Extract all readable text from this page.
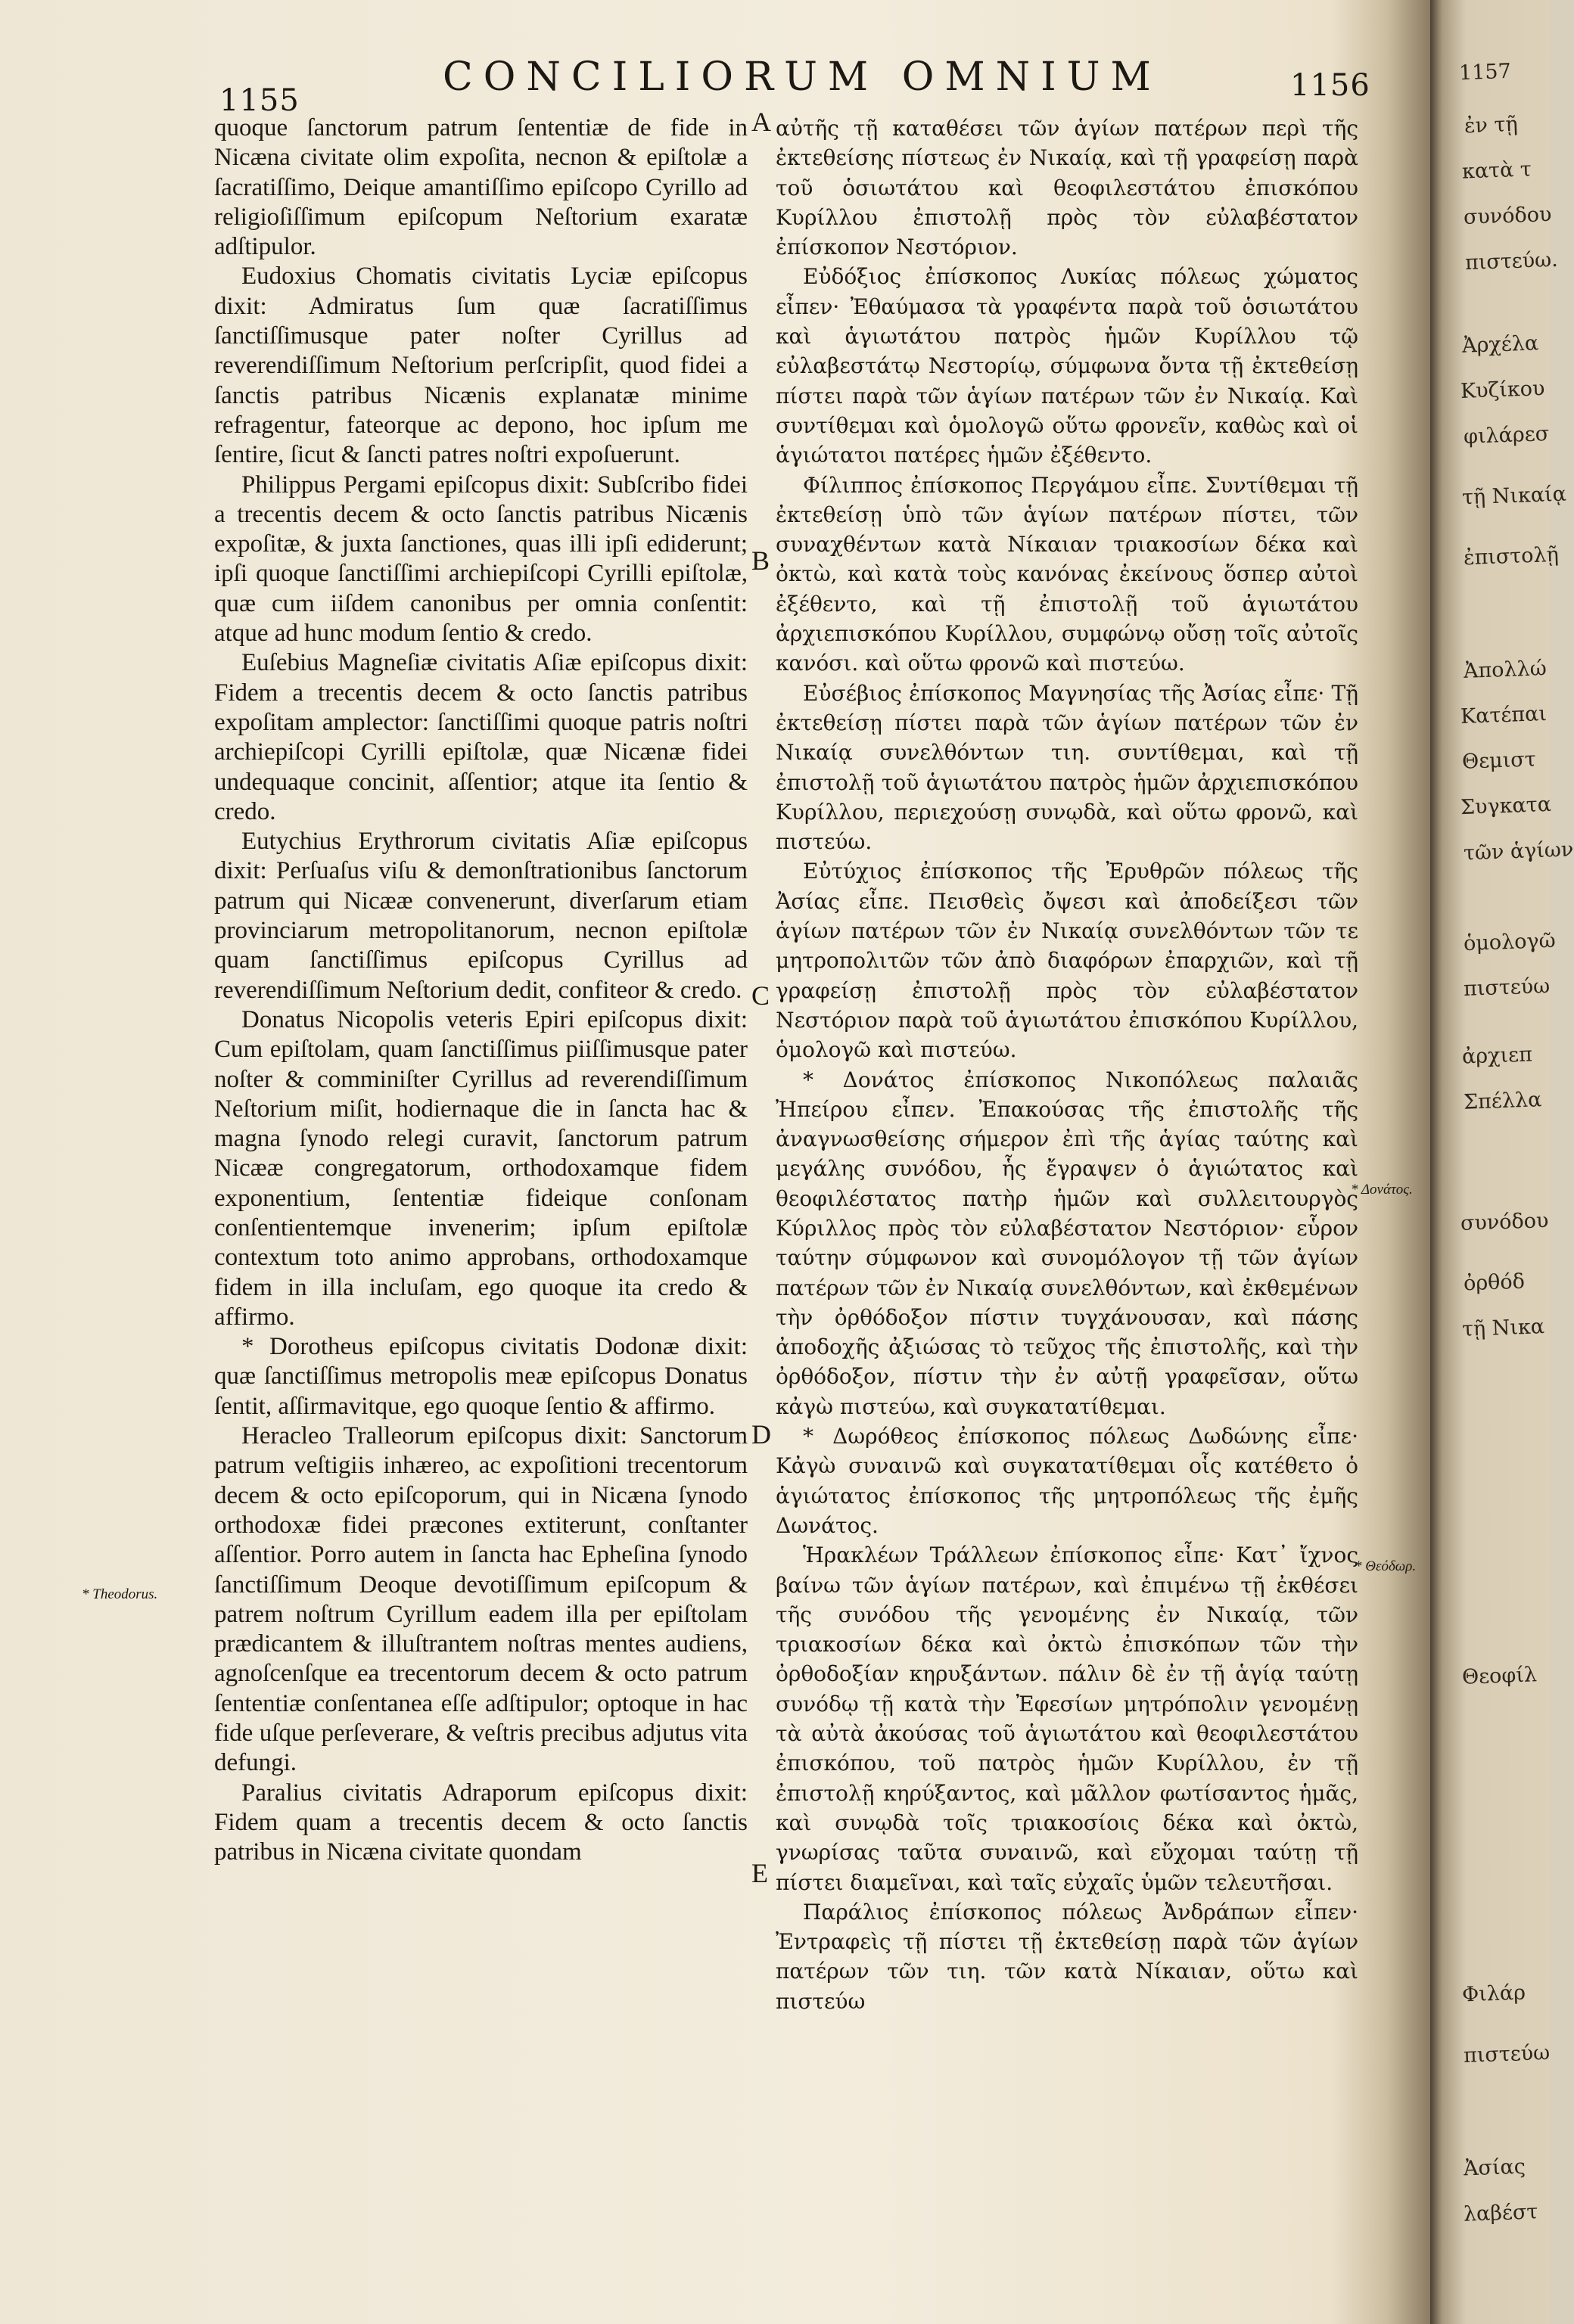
1155
CONCILIORUM OMNIUM	1156

quoque ſanctorum patrum ſententiæ de fide in Nicæna civitate olim expoſita, necnon & epiſtolæ a ſacratiſſimo, Deique amantiſſimo epiſcopo Cyrillo ad religioſiſſimum epiſcopum Neſtorium exaratæ adſtipulor.

Eudoxius Chomatis civitatis Lyciæ epiſcopus dixit: Admiratus ſum quæ ſacratiſſimus ſanctiſſimusque pater noſter Cyrillus ad reverendiſſimum Neſtorium perſcripſit, quod fidei a ſanctis patribus Nicænis explanatæ minime refragentur, fateorque ac depono, hoc ipſum me ſentire, ſicut & ſancti patres noſtri expoſuerunt.

Philippus Pergami epiſcopus dixit: Subſcribo fidei a trecentis decem & octo ſanctis patribus Nicænis expoſitæ, & juxta ſanctiones, quas illi ipſi ediderunt; ipſi quoque ſanctiſſimi archiepiſcopi Cyrilli epiſtolæ, quæ cum iiſdem canonibus per omnia conſentit: atque ad hunc modum ſentio & credo.

Euſebius Magneſiæ civitatis Aſiæ epiſcopus dixit: Fidem a trecentis decem & octo ſanctis patribus expoſitam amplector: ſanctiſſimi quoque patris noſtri archiepiſcopi Cyrilli epiſtolæ, quæ Nicænæ fidei undequaque concinit, aſſentior; atque ita ſentio & credo.

Eutychius Erythrorum civitatis Aſiæ epiſcopus dixit: Perſuaſus viſu & demonſtrationibus ſanctorum patrum qui Nicææ convenerunt, diverſarum etiam provinciarum metropolitanorum, necnon epiſtolæ quam ſanctiſſimus epiſcopus Cyrillus ad reverendiſſimum Neſtorium dedit, confiteor & credo.

Donatus Nicopolis veteris Epiri epiſcopus dixit: Cum epiſtolam, quam ſanctiſſimus piiſſimusque pater noſter & comminiſter Cyrillus ad reverendiſſimum Neſtorium miſit, hodiernaque die in ſancta hac & magna ſynodo relegi curavit, ſanctorum patrum Nicææ congregatorum, orthodoxamque fidem exponentium, ſententiæ fideique conſonam conſentientemque invenerim; ipſum epiſtolæ contextum toto animo approbans, orthodoxamque fidem in illa incluſam, ego quoque ita credo & affirmo.

* Dorotheus epiſcopus civitatis Dodonæ dixit: quæ ſanctiſſimus metropolis meæ epiſcopus Donatus ſentit, aſſirmavitque, ego quoque ſentio & affirmo.

Heracleo Tralleorum epiſcopus dixit: Sanctorum patrum veſtigiis inhæreo, ac expoſitioni trecentorum decem & octo epiſcoporum, qui in Nicæna ſynodo orthodoxæ fidei præcones extiterunt, conſtanter aſſentior. Porro autem in ſancta hac Epheſina ſynodo ſanctiſſimum Deoque devotiſſimum epiſcopum & patrem noſtrum Cyrillum eadem illa per epiſtolam prædicantem & illuſtrantem noſtras mentes audiens, agnoſcenſque ea trecentorum decem & octo patrum ſententiæ conſentanea eſſe adſtipulor; optoque in hac fide uſque perſeverare, & veſtris precibus adjutus vita defungi.

Paralius civitatis Adraporum epiſcopus dixit: Fidem quam a trecentis decem & octo ſanctis patribus in Nicæna civitate quondam

αὐτῆς τῇ καταθέσει τῶν ἁγίων πατέρων περὶ τῆς ἐκτεθείσης πίστεως ἐν Νικαίᾳ, καὶ τῇ γραφείσῃ παρὰ τοῦ ὁσιωτάτου καὶ θεοφιλεστάτου ἐπισκόπου Κυρίλλου ἐπιστολῇ πρὸς τὸν εὐλαβέστατον ἐπίσκοπον Νεστόριον.

Εὐδόξιος ἐπίσκοπος Λυκίας πόλεως χώματος εἶπεν· Ἐθαύμασα τὰ γραφέντα παρὰ τοῦ ὁσιωτάτου καὶ ἁγιωτάτου πατρὸς ἡμῶν Κυρίλλου τῷ εὐλαβεστάτῳ Νεστορίῳ, σύμφωνα ὄντα τῇ ἐκτεθείσῃ πίστει παρὰ τῶν ἁγίων πατέρων τῶν ἐν Νικαίᾳ. Καὶ συντίθεμαι καὶ ὁμολογῶ οὕτω φρονεῖν, καθὼς καὶ οἱ ἁγιώτατοι πατέρες ἡμῶν ἐξέθεντο.

Φίλιππος ἐπίσκοπος Περγάμου εἶπε. Συντίθεμαι τῇ ἐκτεθείσῃ ὑπὸ τῶν ἁγίων πατέρων πίστει, τῶν συναχθέντων κατὰ Νίκαιαν τριακοσίων δέκα καὶ ὀκτὼ, καὶ κατὰ τοὺς κανόνας ἐκείνους ὅσπερ αὐτοὶ ἐξέθεντο, καὶ τῇ ἐπιστολῇ τοῦ ἁγιωτάτου ἀρχιεπισκόπου Κυρίλλου, συμφώνῳ οὔσῃ τοῖς αὐτοῖς κανόσι. καὶ οὕτω φρονῶ καὶ πιστεύω.

Εὐσέβιος ἐπίσκοπος Μαγνησίας τῆς Ἀσίας εἶπε· Τῇ ἐκτεθείσῃ πίστει παρὰ τῶν ἁγίων πατέρων τῶν ἐν Νικαίᾳ συνελθόντων τιη. συντίθεμαι, καὶ τῇ ἐπιστολῇ τοῦ ἁγιωτάτου πατρὸς ἡμῶν ἀρχιεπισκόπου Κυρίλλου, περιεχούσῃ συνῳδὰ, καὶ οὕτω φρονῶ, καὶ πιστεύω.

Εὐτύχιος ἐπίσκοπος τῆς Ἐρυθρῶν πόλεως τῆς Ἀσίας εἶπε. Πεισθεὶς ὄψεσι καὶ ἀποδείξεσι τῶν ἁγίων πατέρων τῶν ἐν Νικαίᾳ συνελθόντων τῶν τε μητροπολιτῶν τῶν ἀπὸ διαφόρων ἐπαρχιῶν, καὶ τῇ γραφείσῃ ἐπιστολῇ πρὸς τὸν εὐλαβέστατον Νεστόριον παρὰ τοῦ ἁγιωτάτου ἐπισκόπου Κυρίλλου, ὁμολογῶ καὶ πιστεύω.

* Δονάτος ἐπίσκοπος Νικοπόλεως παλαιᾶς Ἠπείρου εἶπεν. Ἐπακούσας τῆς ἐπιστολῆς τῆς ἀναγνωσθείσης σήμερον ἐπὶ τῆς ἁγίας ταύτης καὶ μεγάλης συνόδου, ἧς ἔγραψεν ὁ ἁγιώτατος καὶ θεοφιλέστατος πατὴρ ἡμῶν καὶ συλλειτουργὸς Κύριλλος πρὸς τὸν εὐλαβέστατον Νεστόριον· εὗρον ταύτην σύμφωνον καὶ συνομόλογον τῇ τῶν ἁγίων πατέρων τῶν ἐν Νικαίᾳ συνελθόντων, καὶ ἐκθεμένων τὴν ὀρθόδοξον πίστιν τυγχάνουσαν, καὶ πάσης ἀποδοχῆς ἀξιώσας τὸ τεῦχος τῆς ἐπιστολῆς, καὶ τὴν ὀρθόδοξον, πίστιν τὴν ἐν αὐτῇ γραφεῖσαν, οὕτω κἀγὼ πιστεύω, καὶ συγκατατίθεμαι.

* Δωρόθεος ἐπίσκοπος πόλεως Δωδώνης εἶπε· Κἀγὼ συναινῶ καὶ συγκατατίθεμαι οἷς κατέθετο ὁ ἁγιώτατος ἐπίσκοπος τῆς μητροπόλεως τῆς ἐμῆς Δωνάτος.

Ἡρακλέων Τράλλεων ἐπίσκοπος εἶπε· Κατ᾽ ἴχνος βαίνω τῶν ἁγίων πατέρων, καὶ ἐπιμένω τῇ ἐκθέσει τῆς συνόδου τῆς γενομένης ἐν Νικαίᾳ, τῶν τριακοσίων δέκα καὶ ὀκτὼ ἐπισκόπων τῶν τὴν ὀρθοδοξίαν κηρυξάντων. πάλιν δὲ ἐν τῇ ἁγίᾳ ταύτῃ συνόδῳ τῇ κατὰ τὴν Ἐφεσίων μητρόπολιν γενομένῃ τὰ αὐτὰ ἀκούσας τοῦ ἁγιωτάτου καὶ θεοφιλεστάτου ἐπισκόπου, τοῦ πατρὸς ἡμῶν Κυρίλλου, ἐν τῇ ἐπιστολῇ κηρύξαντος, καὶ μᾶλλον φωτίσαντος ἡμᾶς, καὶ συνῳδὰ τοῖς τριακοσίοις δέκα καὶ ὀκτὼ, γνωρίσας ταῦτα συναινῶ, καὶ εὔχομαι ταύτῃ τῇ πίστει διαμεῖναι, καὶ ταῖς εὐχαῖς ὑμῶν τελευτῆσαι.

Παράλιος ἐπίσκοπος πόλεως Ἀνδράπων εἶπεν· Ἐντραφεὶς τῇ πίστει τῇ ἐκτεθείσῃ παρὰ τῶν ἁγίων πατέρων τῶν τιη. τῶν κατὰ Νίκαιαν, οὕτω καὶ πιστεύω

A
B
C
D
E
* Theodorus.
* Δονάτος.
* Θεόδωρ.
1157
ἐν τῇ
κατὰ τ
συνόδου
πιστεύω.
Ἀρχέλα
Κυζίκου
φιλάρεσ
τῇ Νικαίᾳ
ἐπιστολῇ
Ἀπολλώ
Κατέπαι
Θεμιστ
Συγκατα
τῶν ἁγίων
ὁμολογῶ
πιστεύω
ἀρχιεπ
Σπέλλα
συνόδου
ὀρθόδ
τῇ Νικα
Θεοφίλ
Φιλάρ
πιστεύω
Ἀσίας
λαβέστ
